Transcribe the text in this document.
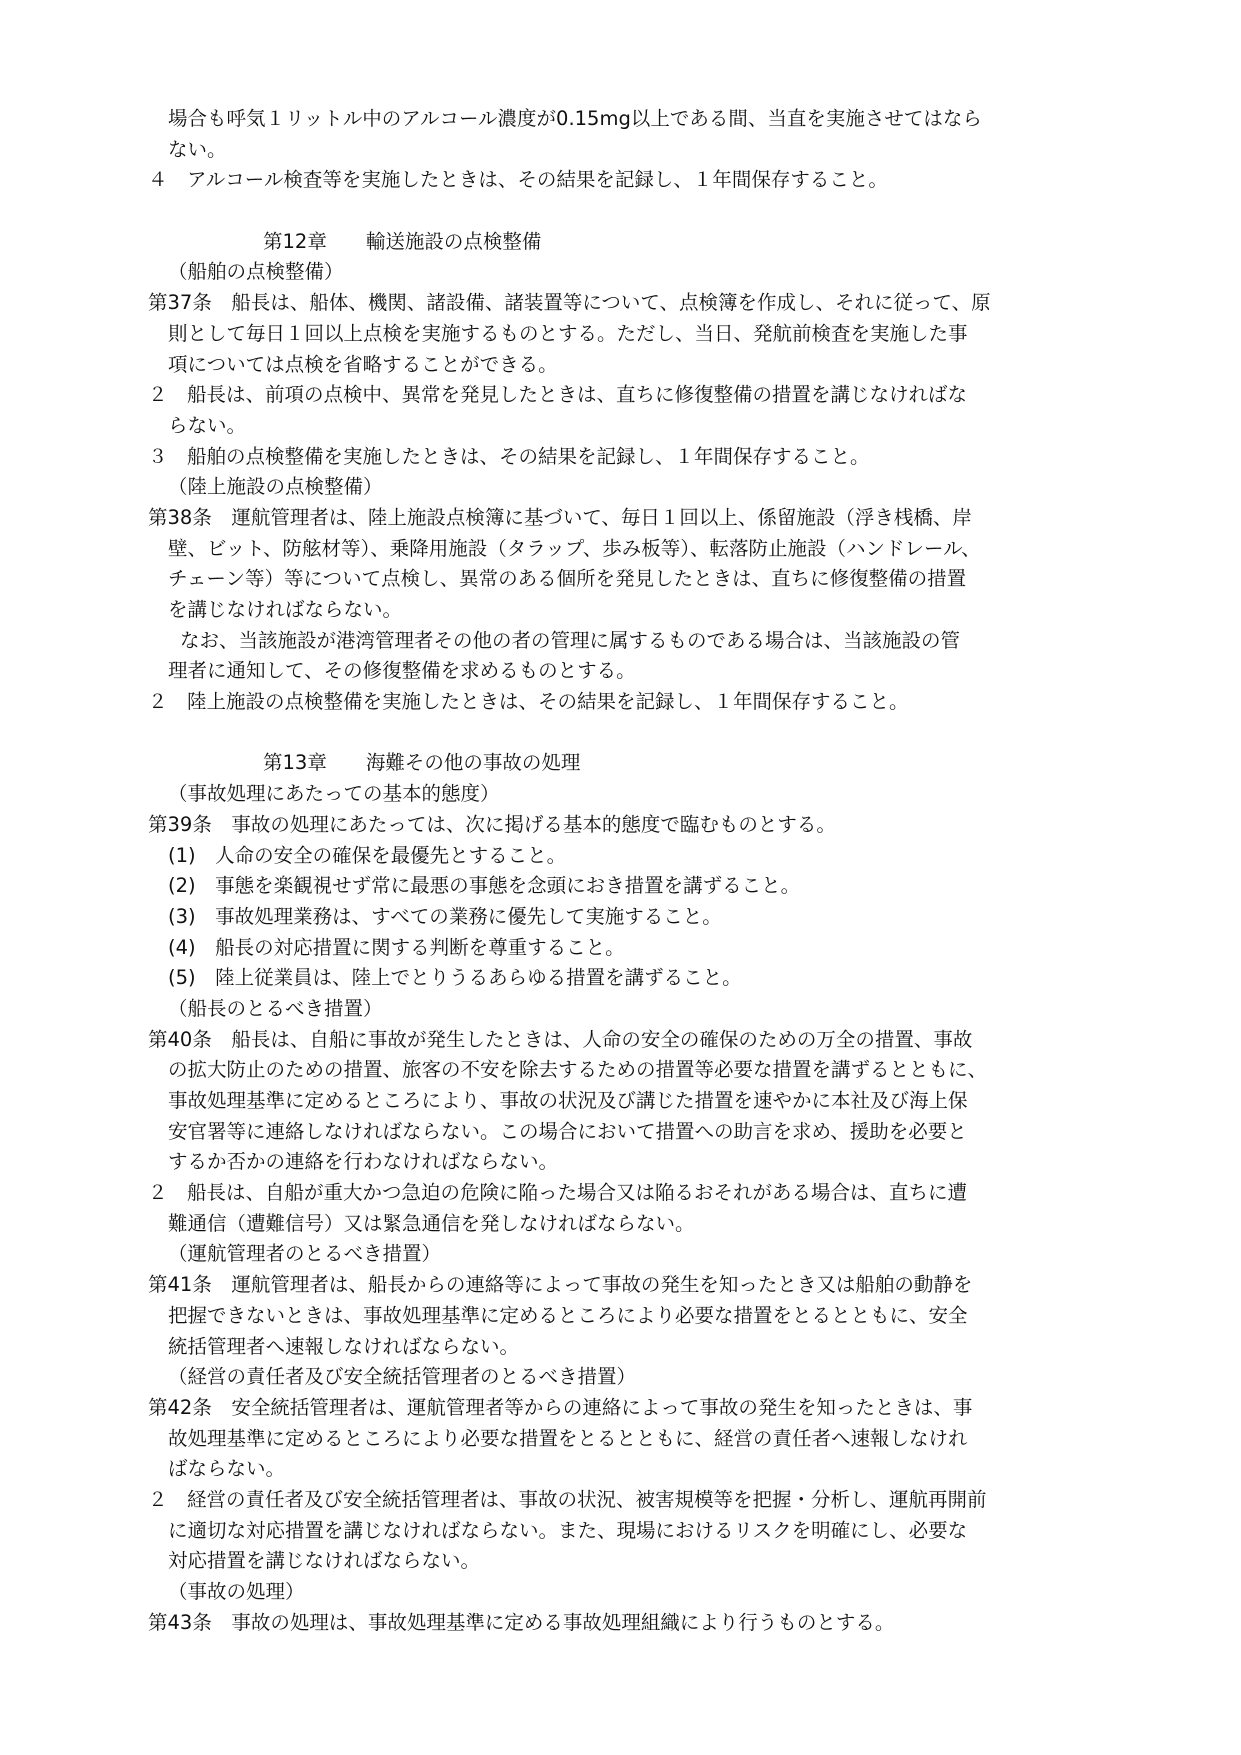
場合も呼気１リットル中のアルコール濃度が0.15mg以上である間、当直を実施させてはなら
ない。
４　アルコール検査等を実施したときは、その結果を記録し、１年間保存すること。
第12章　　輸送施設の点検整備
（船舶の点検整備）
第37条　船長は、船体、機関、諸設備、諸装置等について、点検簿を作成し、それに従って、原
則として毎日１回以上点検を実施するものとする。ただし、当日、発航前検査を実施した事
項については点検を省略することができる。
２　船長は、前項の点検中、異常を発見したときは、直ちに修復整備の措置を講じなければな
らない。
３　船舶の点検整備を実施したときは、その結果を記録し、１年間保存すること。
（陸上施設の点検整備）
第38条　運航管理者は、陸上施設点検簿に基づいて、毎日１回以上、係留施設（浮き桟橋、岸
壁、ビット、防舷材等）、乗降用施設（タラップ、歩み板等）、転落防止施設（ハンドレール、
チェーン等）等について点検し、異常のある個所を発見したときは、直ちに修復整備の措置
を講じなければならない。
なお、当該施設が港湾管理者その他の者の管理に属するものである場合は、当該施設の管
理者に通知して、その修復整備を求めるものとする。
２　陸上施設の点検整備を実施したときは、その結果を記録し、１年間保存すること。
第13章　　海難その他の事故の処理
（事故処理にあたっての基本的態度）
第39条　事故の処理にあたっては、次に掲げる基本的態度で臨むものとする。
(1)　人命の安全の確保を最優先とすること。
(2)　事態を楽観視せず常に最悪の事態を念頭におき措置を講ずること。
(3)　事故処理業務は、すべての業務に優先して実施すること。
(4)　船長の対応措置に関する判断を尊重すること。
(5)　陸上従業員は、陸上でとりうるあらゆる措置を講ずること。
（船長のとるべき措置）
第40条　船長は、自船に事故が発生したときは、人命の安全の確保のための万全の措置、事故
の拡大防止のための措置、旅客の不安を除去するための措置等必要な措置を講ずるとともに、
事故処理基準に定めるところにより、事故の状況及び講じた措置を速やかに本社及び海上保
安官署等に連絡しなければならない。この場合において措置への助言を求め、援助を必要と
するか否かの連絡を行わなければならない。
２　船長は、自船が重大かつ急迫の危険に陥った場合又は陥るおそれがある場合は、直ちに遭
難通信（遭難信号）又は緊急通信を発しなければならない。
（運航管理者のとるべき措置）
第41条　運航管理者は、船長からの連絡等によって事故の発生を知ったとき又は船舶の動静を
把握できないときは、事故処理基準に定めるところにより必要な措置をとるとともに、安全
統括管理者へ速報しなければならない。
（経営の責任者及び安全統括管理者のとるべき措置）
第42条　安全統括管理者は、運航管理者等からの連絡によって事故の発生を知ったときは、事
故処理基準に定めるところにより必要な措置をとるとともに、経営の責任者へ速報しなけれ
ばならない。
２　経営の責任者及び安全統括管理者は、事故の状況、被害規模等を把握・分析し、運航再開前
に適切な対応措置を講じなければならない。また、現場におけるリスクを明確にし、必要な
対応措置を講じなければならない。
（事故の処理）
第43条　事故の処理は、事故処理基準に定める事故処理組織により行うものとする。
